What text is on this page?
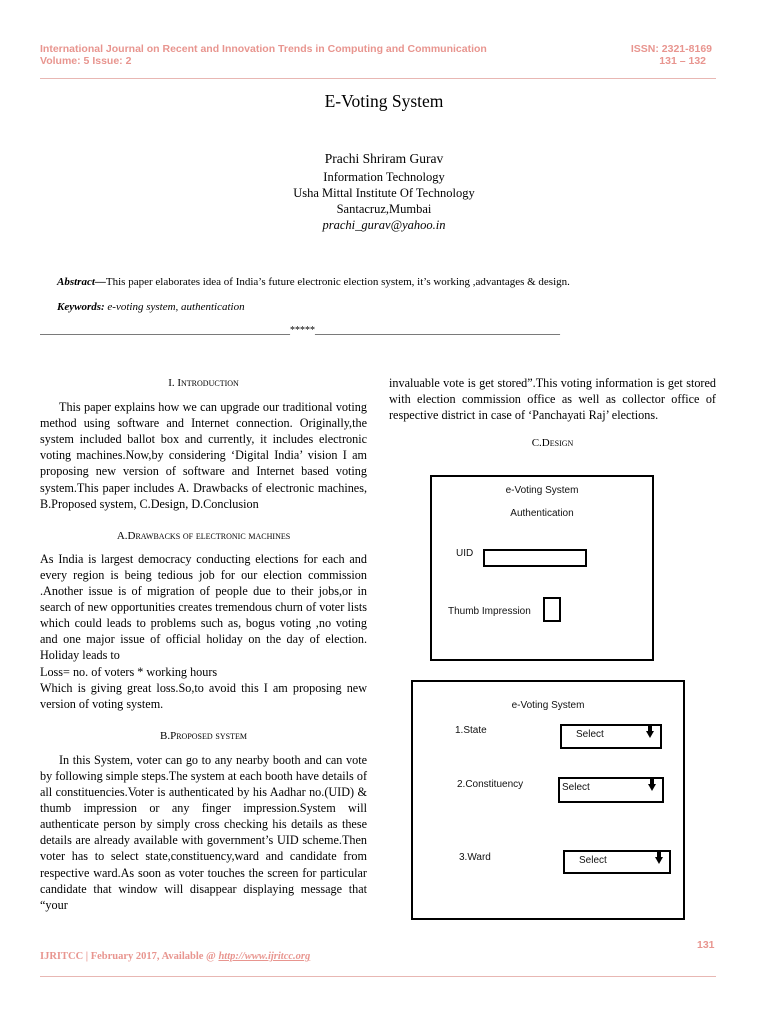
International Journal on Recent and Innovation Trends in Computing and Communication
Volume: 5 Issue: 2
ISSN: 2321-8169
131 – 132
E-Voting System
Prachi Shriram Gurav
Information Technology
Usha Mittal Institute Of Technology
Santacruz,Mumbai
prachi_gurav@yahoo.in
Abstract—This paper elaborates idea of India’s future electronic election system, it’s working ,advantages & design.
Keywords: e-voting system, authentication
__________________________________________________*****_________________________________________________

I. Introduction

This paper explains how we can upgrade our traditional voting method using software and Internet connection. Originally,the system included ballot box and currently, it includes electronic voting machines.Now,by considering ‘Digital India’ vision I am proposing new version of software and Internet based voting system.This paper includes A. Drawbacks of electronic machines, B.Proposed system, C.Design, D.Conclusion

A.Drawbacks of electronic machines

As India is largest democracy conducting elections for each and every region is being tedious job for our election commission .Another issue is of migration of people due to their jobs,or in search of new opportunities creates tremendous churn of voter lists which could leads to problems such as, bogus voting ,no voting and one major issue of official holiday on the day of election. Holiday leads to

Loss= no. of voters * working hours

Which is giving great loss.So,to avoid this I am proposing new version of voting system.

B.Proposed system

In this System, voter can go to any nearby booth and can vote by following simple steps.The system at each booth have details of all constituencies.Voter is authenticated by his Aadhar no.(UID) & thumb impression or any finger impression.System will authenticate person by simply cross checking his details as these details are already available with government’s UID scheme.Then voter has to select state,constituency,ward and candidate from respective ward.As soon as voter touches the screen for particular candidate that window will disappear displaying message that “your

invaluable vote is get stored”.This voting information is get stored with election commission office as well as collector office of respective district in case of ‘Panchayati Raj’ elections.

C.Design

e-Voting System
Authentication
UID
Thumb Impression
e-Voting System
1.State	Select
2.Constituency	Select
3.Ward	Select
131
IJRITCC | February 2017, Available @ http://www.ijritcc.org
